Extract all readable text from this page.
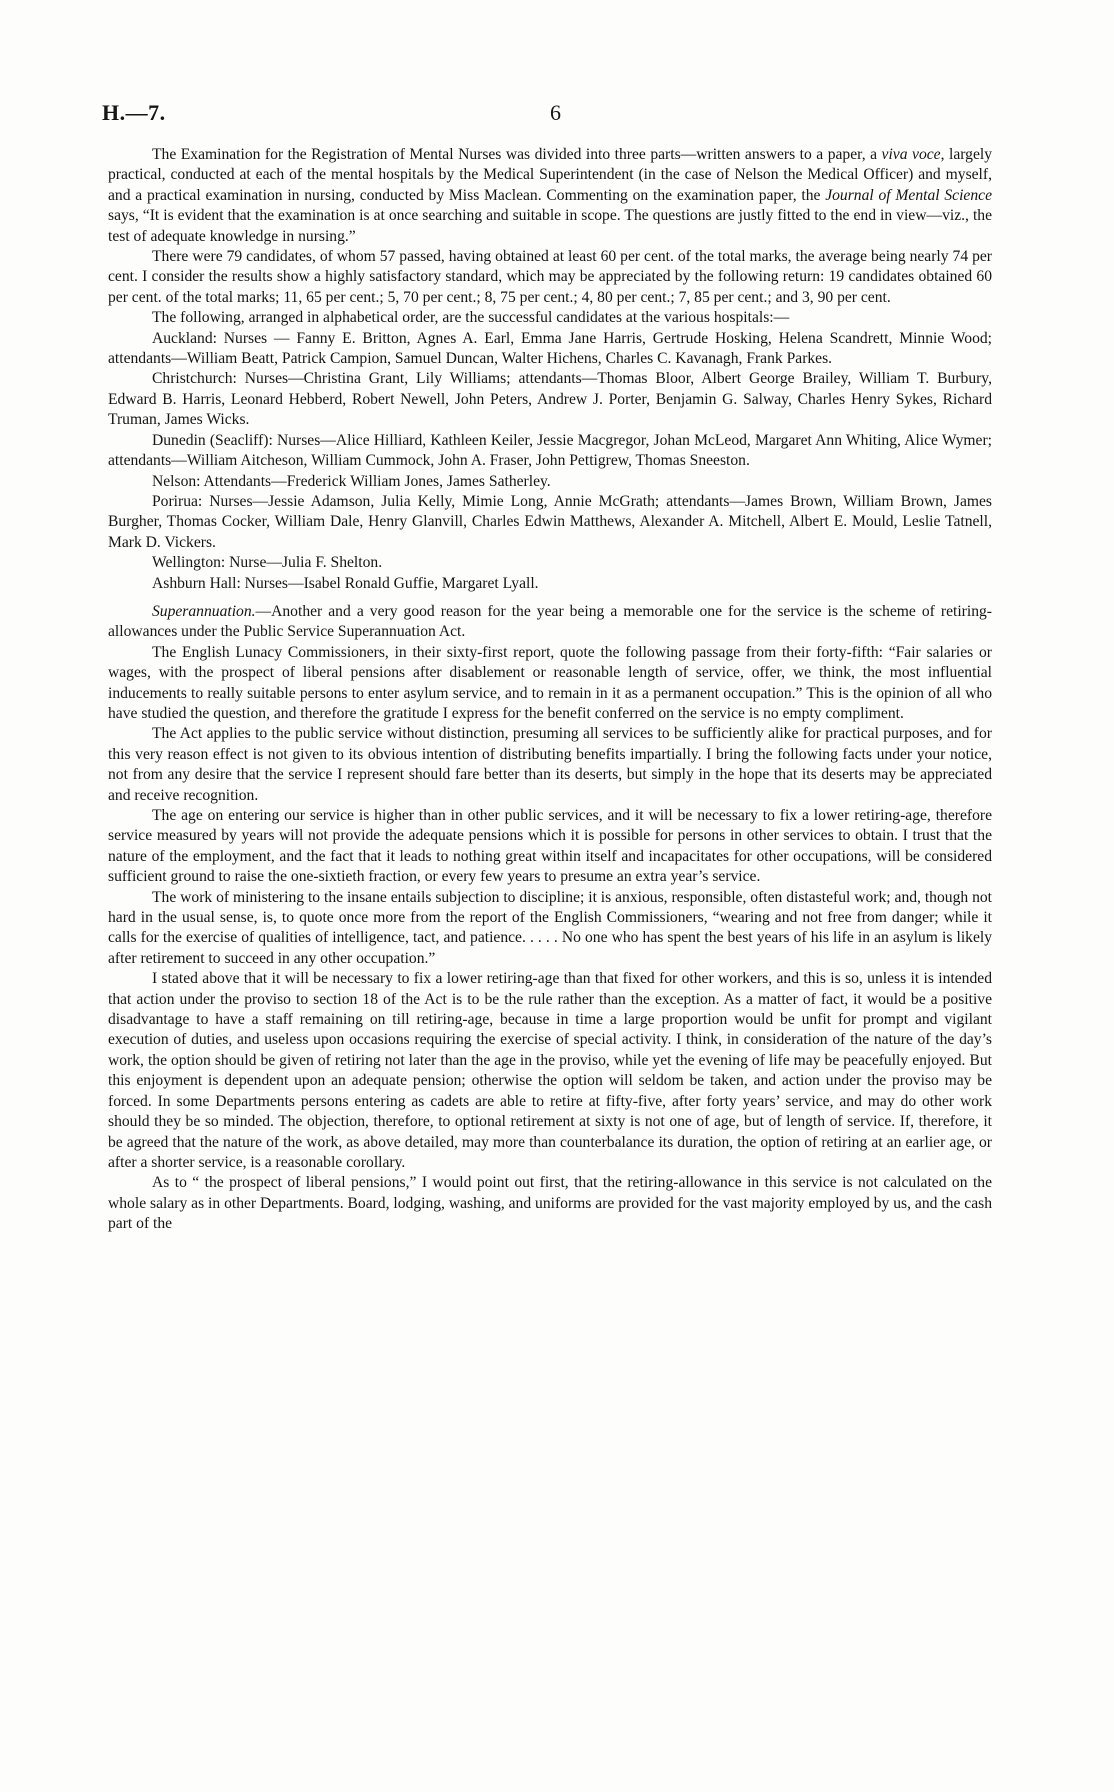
H.—7.	6

The Examination for the Registration of Mental Nurses was divided into three parts—written answers to a paper, a viva voce, largely practical, conducted at each of the mental hospitals by the Medical Superintendent (in the case of Nelson the Medical Officer) and myself, and a practical examination in nursing, conducted by Miss Maclean. Commenting on the examination paper, the Journal of Mental Science says, “It is evident that the examination is at once searching and suitable in scope. The questions are justly fitted to the end in view—viz., the test of adequate knowledge in nursing.”

There were 79 candidates, of whom 57 passed, having obtained at least 60 per cent. of the total marks, the average being nearly 74 per cent. I consider the results show a highly satisfactory standard, which may be appreciated by the following return: 19 candidates obtained 60 per cent. of the total marks; 11, 65 per cent.; 5, 70 per cent.; 8, 75 per cent.; 4, 80 per cent.; 7, 85 per cent.; and 3, 90 per cent.

The following, arranged in alphabetical order, are the successful candidates at the various hospitals:—

Auckland: Nurses — Fanny E. Britton, Agnes A. Earl, Emma Jane Harris, Gertrude Hosking, Helena Scandrett, Minnie Wood; attendants—William Beatt, Patrick Campion, Samuel Duncan, Walter Hichens, Charles C. Kavanagh, Frank Parkes.

Christchurch: Nurses—Christina Grant, Lily Williams; attendants—Thomas Bloor, Albert George Brailey, William T. Burbury, Edward B. Harris, Leonard Hebberd, Robert Newell, John Peters, Andrew J. Porter, Benjamin G. Salway, Charles Henry Sykes, Richard Truman, James Wicks.

Dunedin (Seacliff): Nurses—Alice Hilliard, Kathleen Keiler, Jessie Macgregor, Johan McLeod, Margaret Ann Whiting, Alice Wymer; attendants—William Aitcheson, William Cummock, John A. Fraser, John Pettigrew, Thomas Sneeston.

Nelson: Attendants—Frederick William Jones, James Satherley.

Porirua: Nurses—Jessie Adamson, Julia Kelly, Mimie Long, Annie McGrath; attendants—James Brown, William Brown, James Burgher, Thomas Cocker, William Dale, Henry Glanvill, Charles Edwin Matthews, Alexander A. Mitchell, Albert E. Mould, Leslie Tatnell, Mark D. Vickers.

Wellington: Nurse—Julia F. Shelton.

Ashburn Hall: Nurses—Isabel Ronald Guffie, Margaret Lyall.

Superannuation.—Another and a very good reason for the year being a memorable one for the service is the scheme of retiring-allowances under the Public Service Superannuation Act.

The English Lunacy Commissioners, in their sixty-first report, quote the following passage from their forty-fifth: “Fair salaries or wages, with the prospect of liberal pensions after disablement or reasonable length of service, offer, we think, the most influential inducements to really suitable persons to enter asylum service, and to remain in it as a permanent occupation.” This is the opinion of all who have studied the question, and therefore the gratitude I express for the benefit conferred on the service is no empty compliment.

The Act applies to the public service without distinction, presuming all services to be sufficiently alike for practical purposes, and for this very reason effect is not given to its obvious intention of distributing benefits impartially. I bring the following facts under your notice, not from any desire that the service I represent should fare better than its deserts, but simply in the hope that its deserts may be appreciated and receive recognition.

The age on entering our service is higher than in other public services, and it will be necessary to fix a lower retiring-age, therefore service measured by years will not provide the adequate pensions which it is possible for persons in other services to obtain. I trust that the nature of the employment, and the fact that it leads to nothing great within itself and incapacitates for other occupations, will be considered sufficient ground to raise the one-sixtieth fraction, or every few years to presume an extra year’s service.

The work of ministering to the insane entails subjection to discipline; it is anxious, responsible, often distasteful work; and, though not hard in the usual sense, is, to quote once more from the report of the English Commissioners, “wearing and not free from danger; while it calls for the exercise of qualities of intelligence, tact, and patience. . . . . No one who has spent the best years of his life in an asylum is likely after retirement to succeed in any other occupation.”

I stated above that it will be necessary to fix a lower retiring-age than that fixed for other workers, and this is so, unless it is intended that action under the proviso to section 18 of the Act is to be the rule rather than the exception. As a matter of fact, it would be a positive disadvantage to have a staff remaining on till retiring-age, because in time a large proportion would be unfit for prompt and vigilant execution of duties, and useless upon occasions requiring the exercise of special activity. I think, in consideration of the nature of the day’s work, the option should be given of retiring not later than the age in the proviso, while yet the evening of life may be peacefully enjoyed. But this enjoyment is dependent upon an adequate pension; otherwise the option will seldom be taken, and action under the proviso may be forced. In some Departments persons entering as cadets are able to retire at fifty-five, after forty years’ service, and may do other work should they be so minded. The objection, therefore, to optional retirement at sixty is not one of age, but of length of service. If, therefore, it be agreed that the nature of the work, as above detailed, may more than counterbalance its duration, the option of retiring at an earlier age, or after a shorter service, is a reasonable corollary.

As to “ the prospect of liberal pensions,” I would point out first, that the retiring-allowance in this service is not calculated on the whole salary as in other Departments. Board, lodging, washing, and uniforms are provided for the vast majority employed by us, and the cash part of the
